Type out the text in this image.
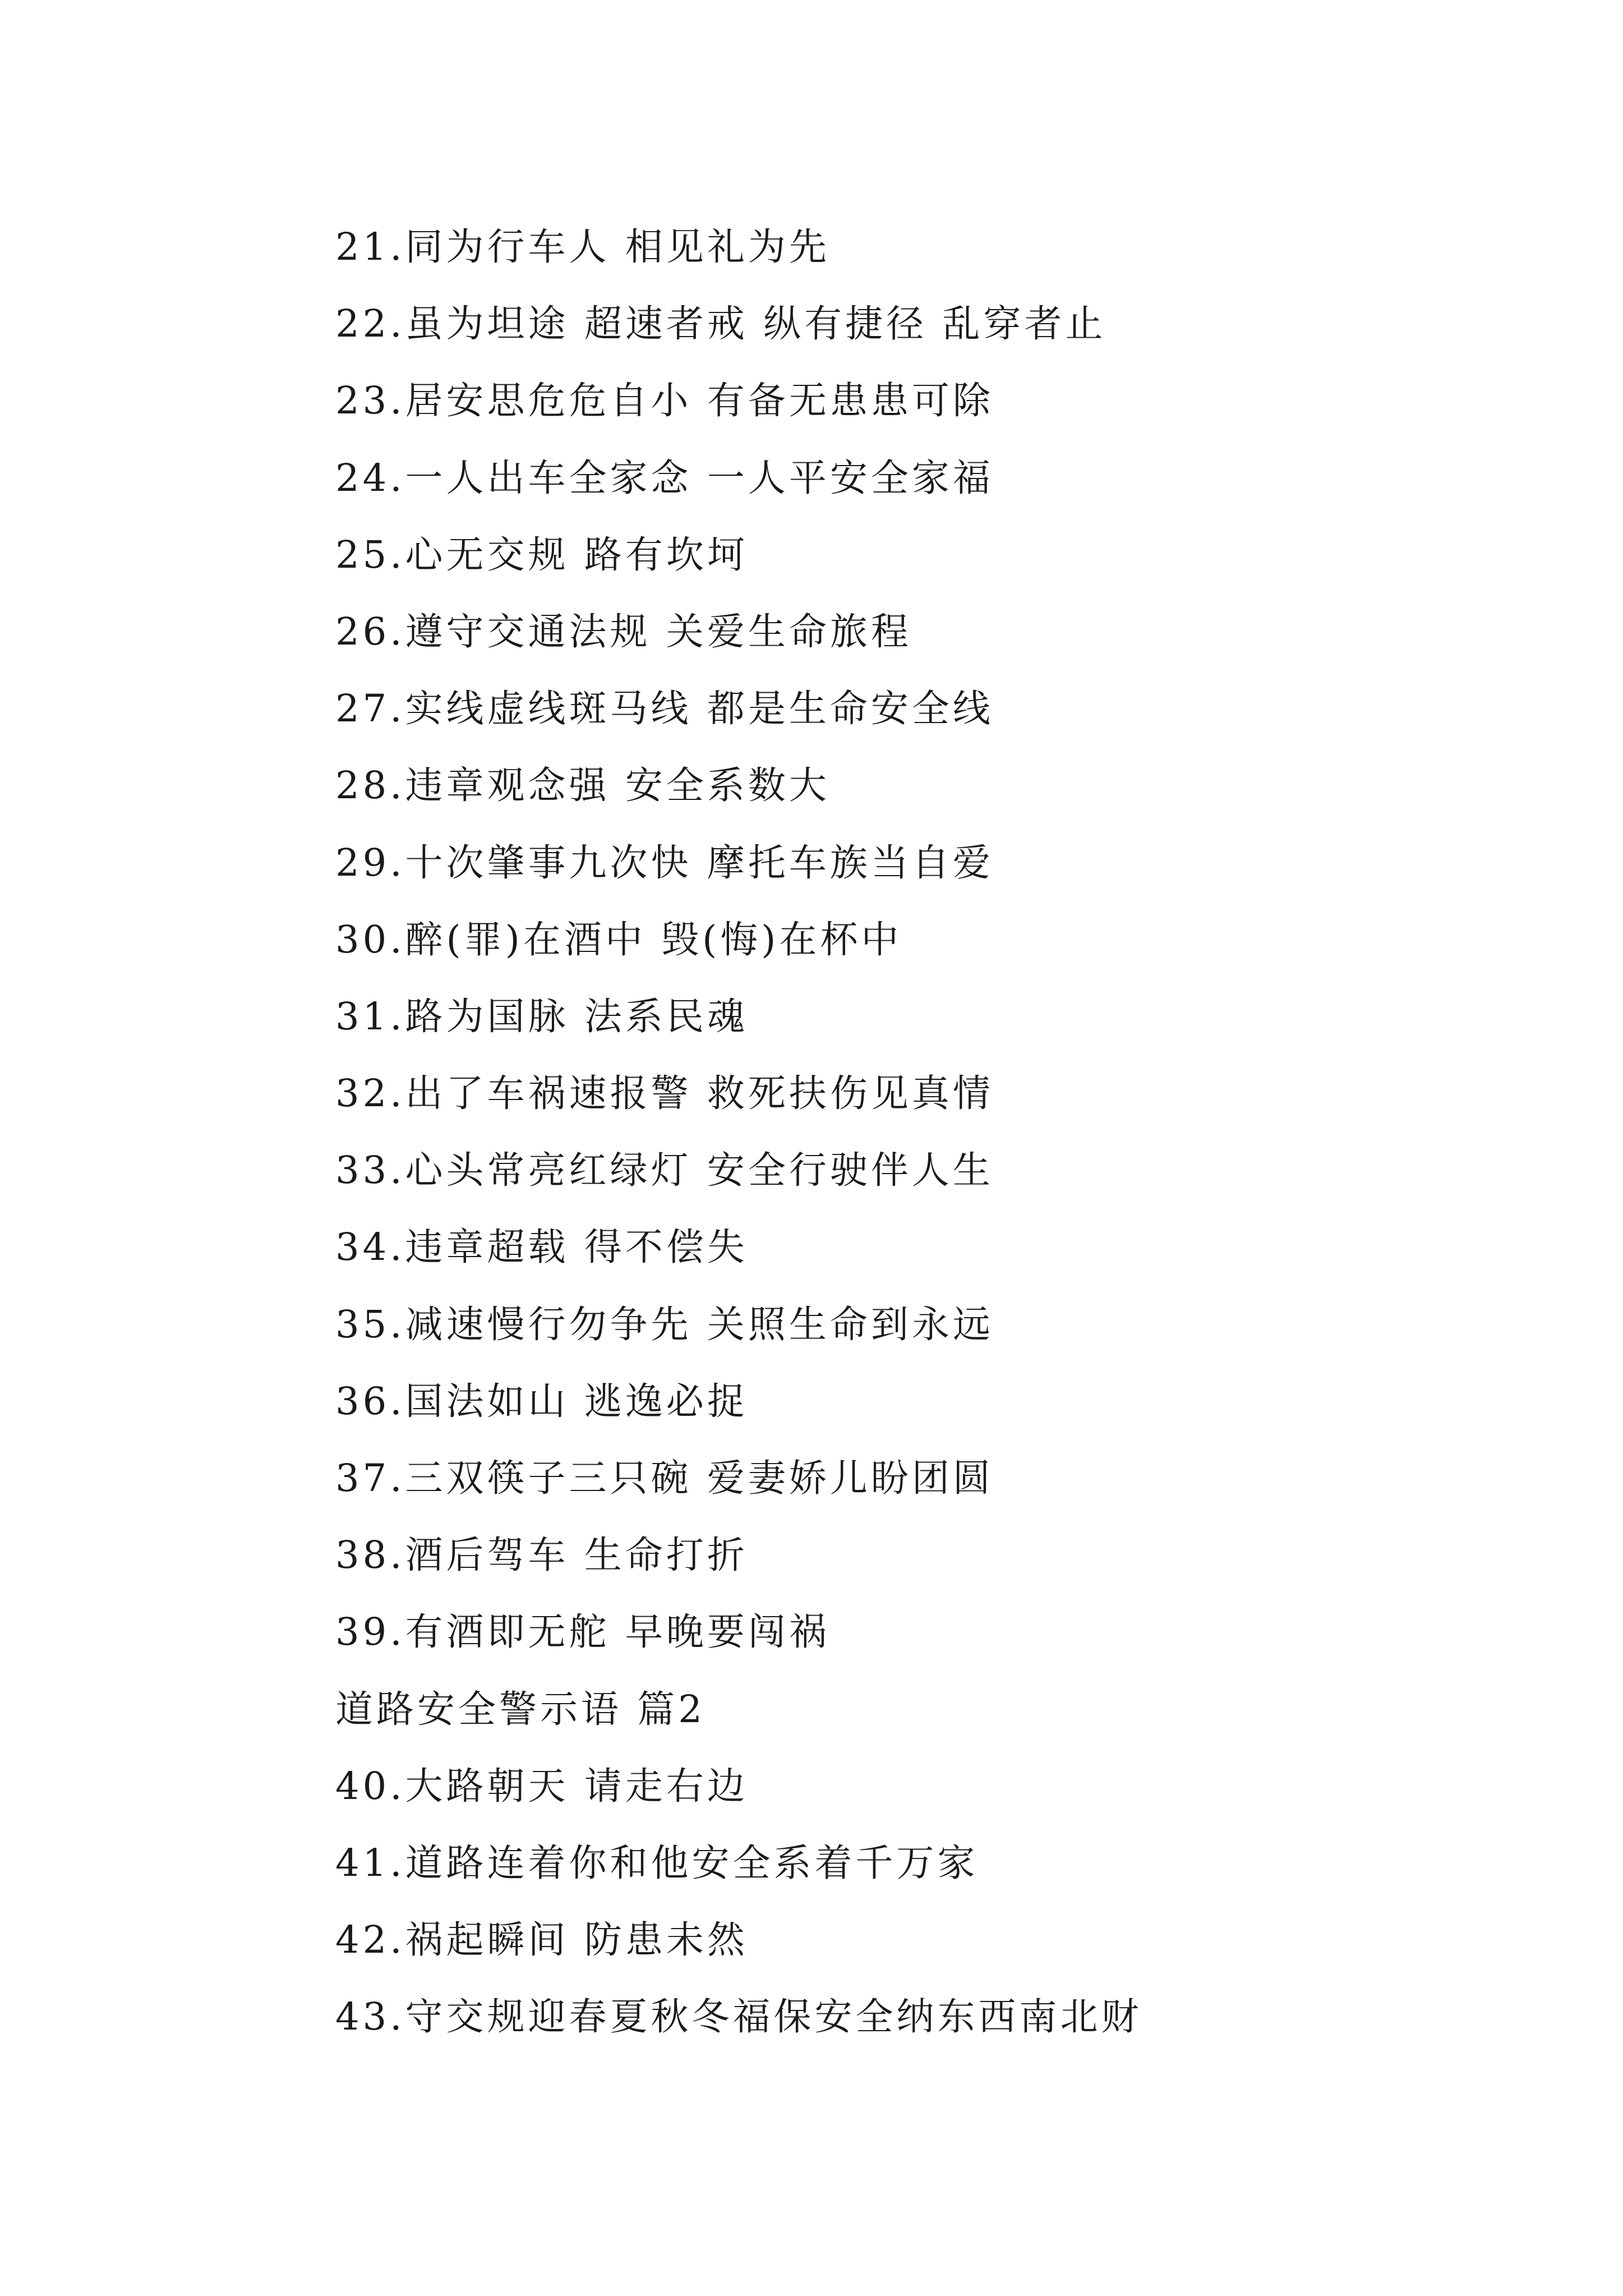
21.同为行车人 相见礼为先
22.虽为坦途 超速者戒 纵有捷径 乱穿者止
23.居安思危危自小 有备无患患可除
24.一人出车全家念 一人平安全家福
25.心无交规 路有坎坷
26.遵守交通法规 关爱生命旅程
27.实线虚线斑马线 都是生命安全线
28.违章观念强 安全系数大
29.十次肇事九次快 摩托车族当自爱
30.醉(罪)在酒中 毁(悔)在杯中
31.路为国脉 法系民魂
32.出了车祸速报警 救死扶伤见真情
33.心头常亮红绿灯 安全行驶伴人生
34.违章超载 得不偿失
35.减速慢行勿争先 关照生命到永远
36.国法如山 逃逸必捉
37.三双筷子三只碗 爱妻娇儿盼团圆
38.酒后驾车 生命打折
39.有酒即无舵 早晚要闯祸
道路安全警示语 篇2
40.大路朝天 请走右边
41.道路连着你和他安全系着千万家
42.祸起瞬间 防患未然
43.守交规迎春夏秋冬福保安全纳东西南北财
